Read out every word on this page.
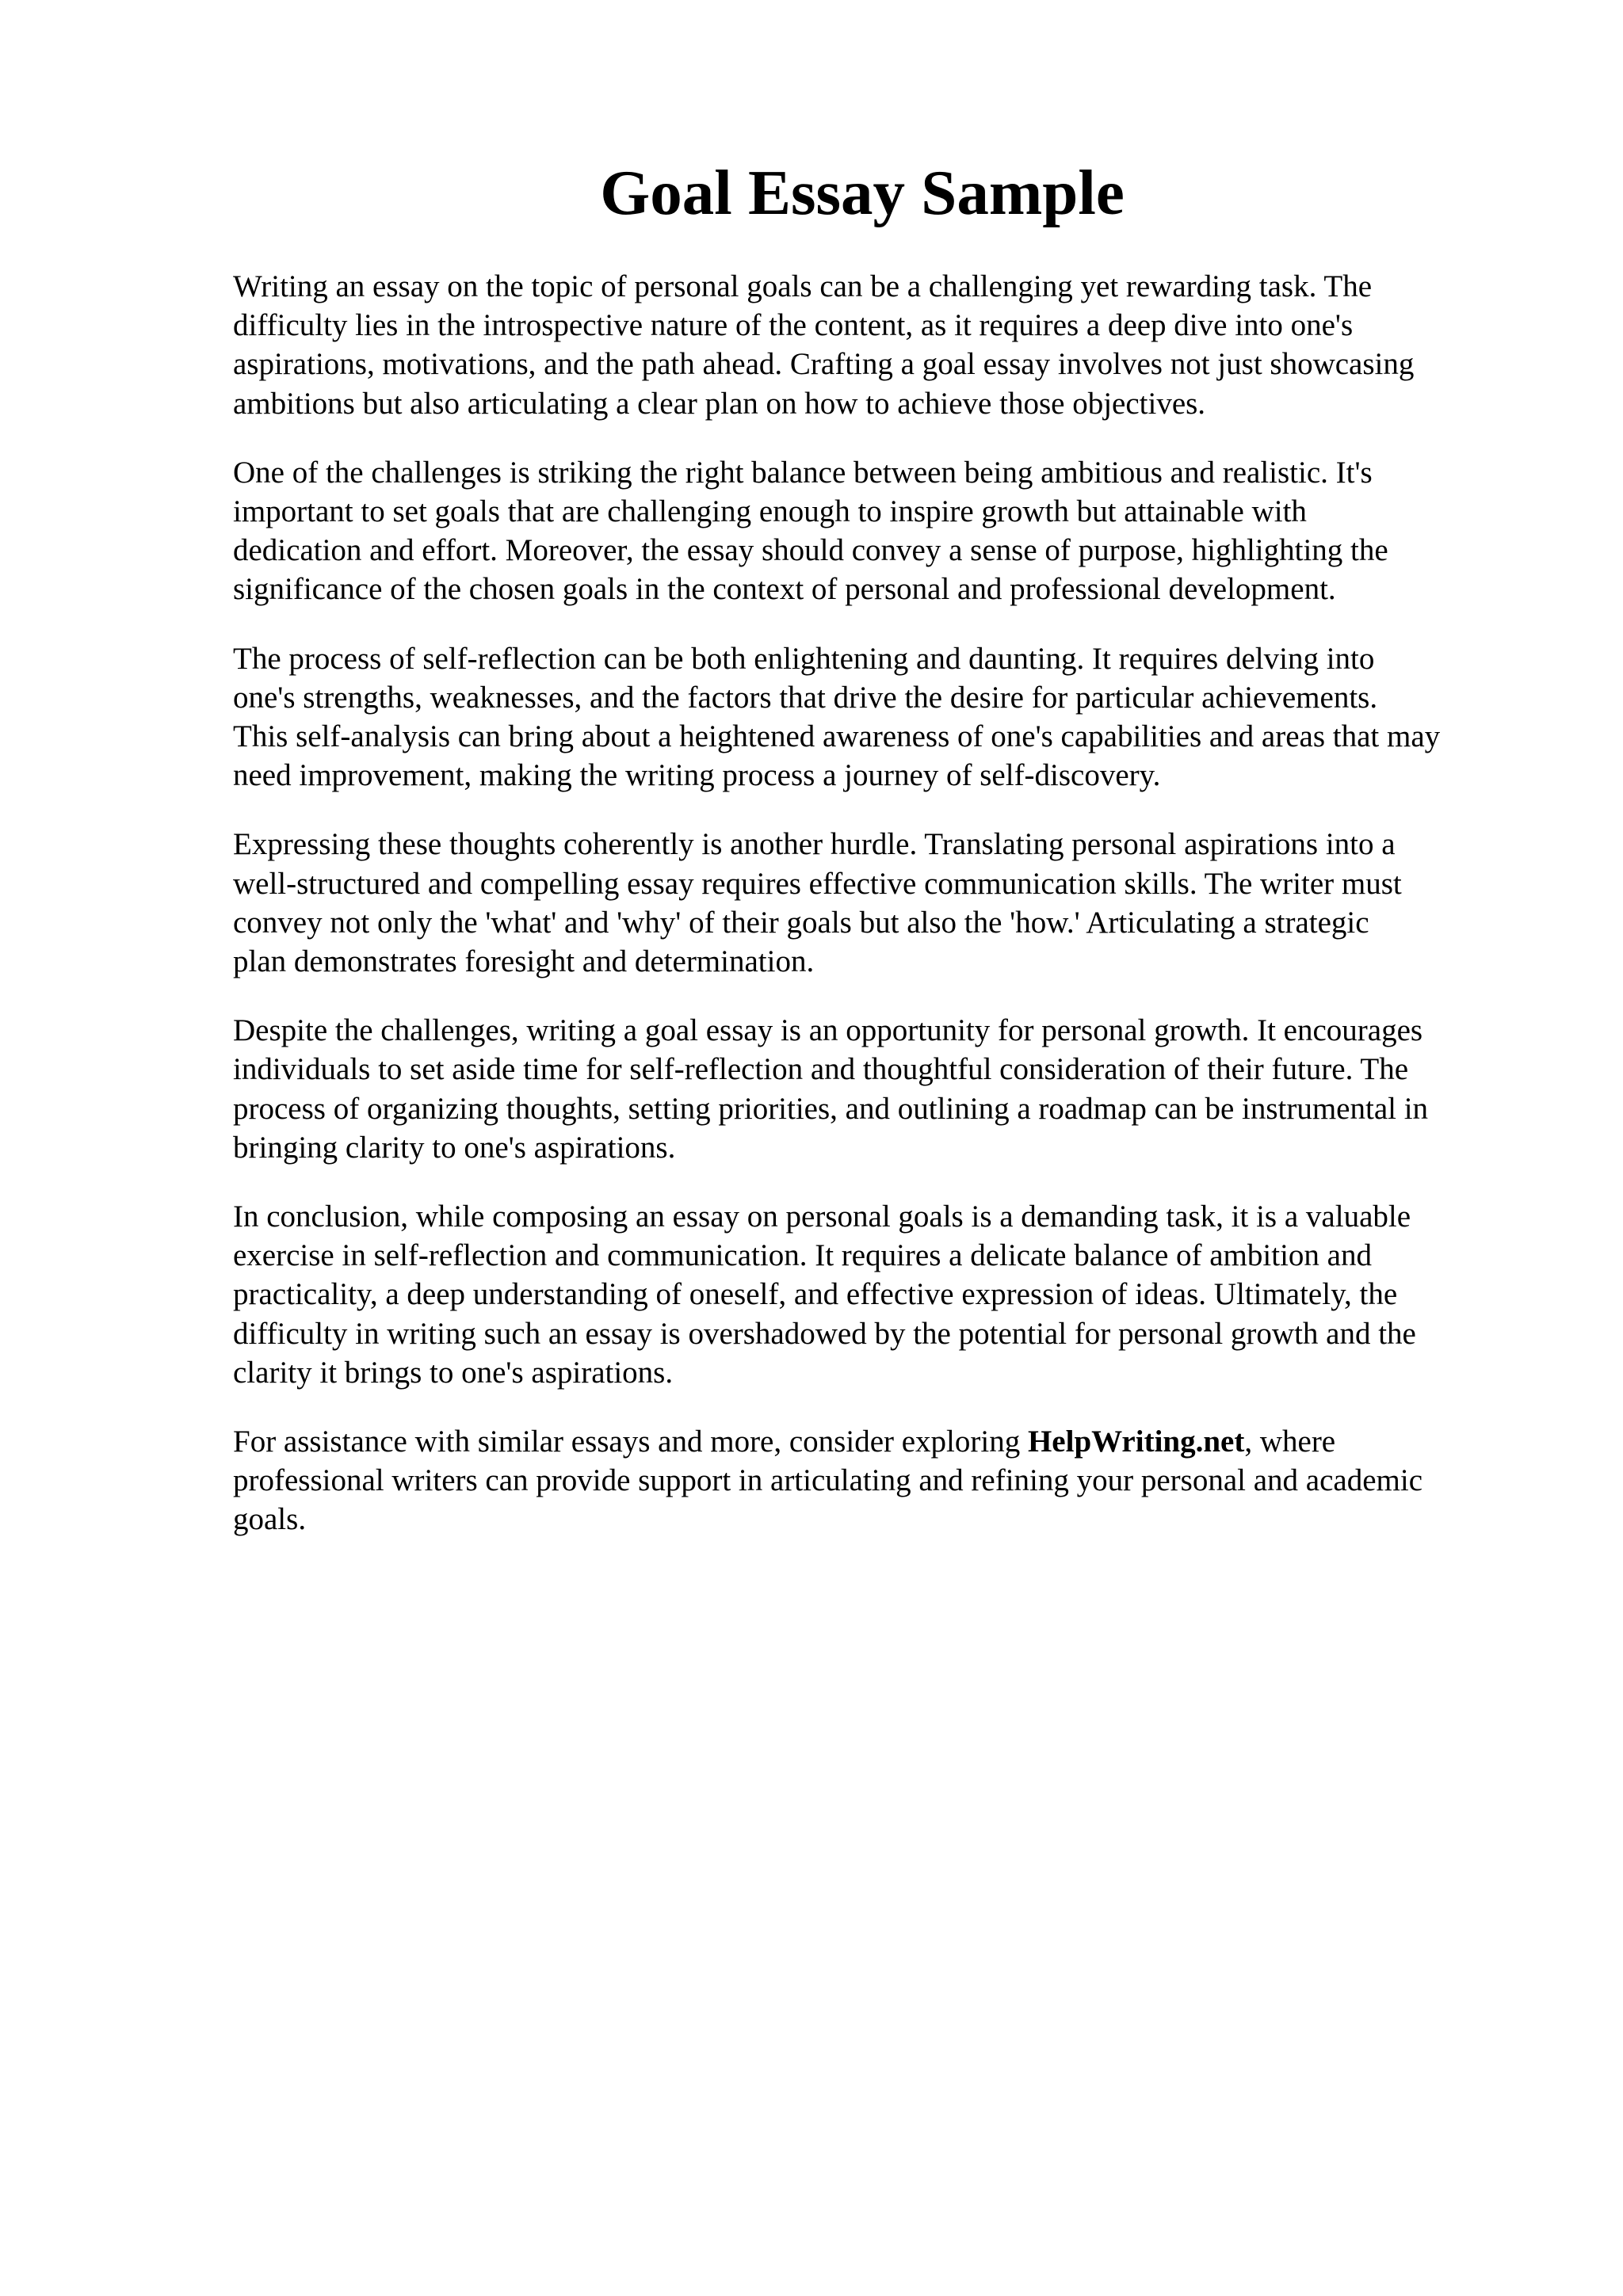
Goal Essay Sample

Writing an essay on the topic of personal goals can be a challenging yet rewarding task. The
difficulty lies in the introspective nature of the content, as it requires a deep dive into one's
aspirations, motivations, and the path ahead. Crafting a goal essay involves not just showcasing
ambitions but also articulating a clear plan on how to achieve those objectives.

One of the challenges is striking the right balance between being ambitious and realistic. It's
important to set goals that are challenging enough to inspire growth but attainable with
dedication and effort. Moreover, the essay should convey a sense of purpose, highlighting the
significance of the chosen goals in the context of personal and professional development.

The process of self-reflection can be both enlightening and daunting. It requires delving into
one's strengths, weaknesses, and the factors that drive the desire for particular achievements.
This self-analysis can bring about a heightened awareness of one's capabilities and areas that may
need improvement, making the writing process a journey of self-discovery.

Expressing these thoughts coherently is another hurdle. Translating personal aspirations into a
well-structured and compelling essay requires effective communication skills. The writer must
convey not only the 'what' and 'why' of their goals but also the 'how.' Articulating a strategic
plan demonstrates foresight and determination.

Despite the challenges, writing a goal essay is an opportunity for personal growth. It encourages
individuals to set aside time for self-reflection and thoughtful consideration of their future. The
process of organizing thoughts, setting priorities, and outlining a roadmap can be instrumental in
bringing clarity to one's aspirations.

In conclusion, while composing an essay on personal goals is a demanding task, it is a valuable
exercise in self-reflection and communication. It requires a delicate balance of ambition and
practicality, a deep understanding of oneself, and effective expression of ideas. Ultimately, the
difficulty in writing such an essay is overshadowed by the potential for personal growth and the
clarity it brings to one's aspirations.

For assistance with similar essays and more, consider exploring HelpWriting.net, where
professional writers can provide support in articulating and refining your personal and academic
goals.
